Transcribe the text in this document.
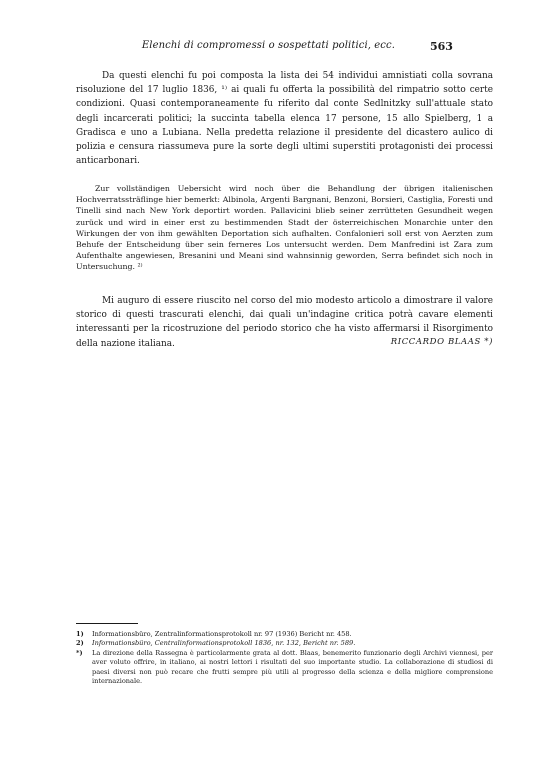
Elenchi di compromessi o sospettati politici, ecc.	563

Da questi elenchi fu poi composta la lista dei 54 individui amnistiati colla sovrana risoluzione del 17 luglio 1836, ¹⁾ ai quali fu offerta la possibilità del rimpatrio sotto certe condizioni. Quasi contemporaneamente fu riferito dal conte Sedlnitzky sull'attuale stato degli incarcerati politici; la succinta tabella elenca 17 persone, 15 allo Spielberg, 1 a Gradisca e uno a Lubiana. Nella predetta relazione il presidente del dicastero aulico di polizia e censura riassumeva pure la sorte degli ultimi superstiti protagonisti dei processi anticarbonari.

Zur vollständigen Uebersicht wird noch über die Behandlung der übrigen italienischen Hochverratssträflinge hier bemerkt: Albinola, Argenti Bargnani, Benzoni, Borsieri, Castiglia, Foresti und Tinelli sind nach New York deportirt worden. Pallavicini blieb seiner zerrütteten Gesundheit wegen zurück und wird in einer erst zu bestimmenden Stadt der österreichischen Monarchie unter den Wirkungen der von ihm gewählten Deportation sich aufhalten. Confalonieri soll erst von Aerzten zum Behufe der Entscheidung über sein ferneres Los untersucht werden. Dem Manfredini ist Zara zum Aufenthalte angewiesen, Bresanini und Meani sind wahnsinnig geworden, Serra befindet sich noch in Untersuchung. ²⁾

Mi auguro di essere riuscito nel corso del mio modesto articolo a dimostrare il valore storico di questi trascurati elenchi, dai quali un'indagine critica potrà cavare elementi interessanti per la ricostruzione del periodo storico che ha visto affermarsi il Risorgimento della nazione italiana.	RICCARDO BLAAS *)

1) Informationsbüro, Zentralinformationsprotokoll nr. 97 (1936) Bericht nr. 458.

2) Informationsbüro, Centralinformationsprotokoll 1836, nr. 132, Bericht nr. 589.

*) La direzione della Rassegna è particolarmente grata al dott. Blaas, benemerito funzionario degli Archivi viennesi, per aver voluto offrire, in italiano, ai nostri lettori i risultati del suo importante studio. La collaborazione di studiosi di paesi diversi non può recare che frutti sempre più utili al progresso della scienza e della migliore comprensione internazionale.
